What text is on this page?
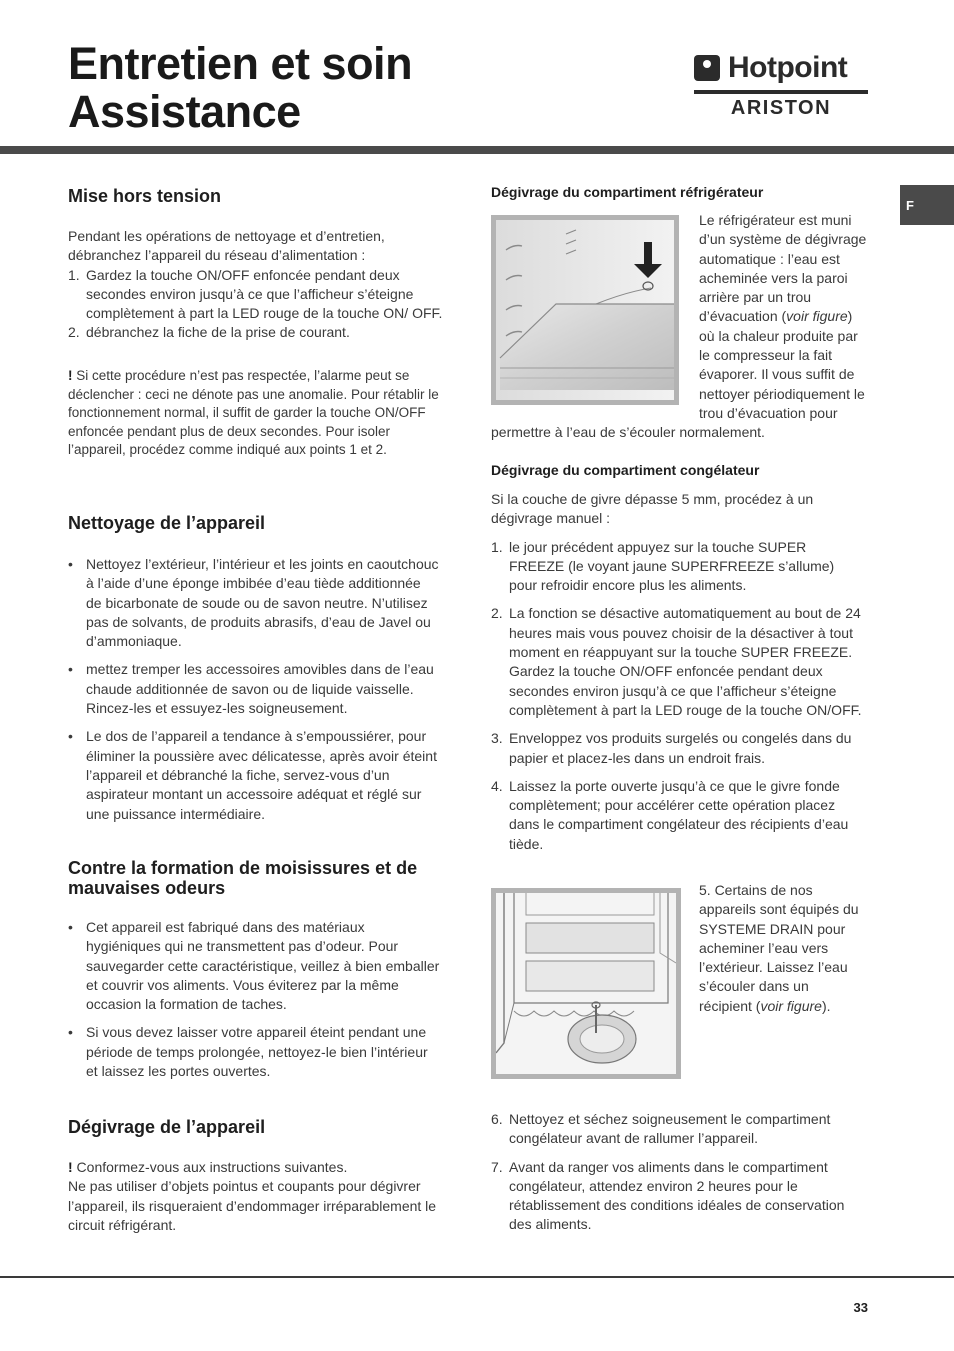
Entretien et soin
Assistance
Hotpoint
ARISTON
F
Mise hors tension
Pendant les opérations de nettoyage et d’entretien, débranchez l’appareil du réseau d’alimentation :
1. Gardez la touche ON/OFF enfoncée pendant deux secondes environ jusqu’à ce que l’afficheur s’éteigne complètement à part la LED rouge de la touche ON/ OFF.
2. débranchez la fiche de la prise de courant.
! Si cette procédure n’est pas respectée, l’alarme peut se déclencher : ceci ne dénote pas une anomalie. Pour rétablir le fonctionnement normal, il suffit de garder la touche ON/OFF enfoncée pendant plus de deux secondes. Pour isoler l’appareil, procédez comme indiqué aux points 1 et 2.
Nettoyage de l’appareil
• Nettoyez l’extérieur, l’intérieur et les joints en caoutchouc à l’aide d’une éponge imbibée d’eau tiède additionnée de bicarbonate de soude ou de savon neutre. N’utilisez pas de solvants, de produits abrasifs, d’eau de Javel ou d’ammoniaque.
• mettez tremper les accessoires amovibles dans de l’eau chaude additionnée de savon ou de liquide vaisselle. Rincez-les et essuyez-les soigneusement.
• Le dos de l’appareil a tendance à s’empoussiérer, pour éliminer la poussière avec délicatesse, après avoir éteint l’appareil et débranché la fiche, servez-vous d’un aspirateur montant un accessoire adéquat et réglé sur une puissance intermédiaire.
Contre la formation de moisissures et de mauvaises odeurs
• Cet appareil est fabriqué dans des matériaux hygiéniques qui ne transmettent pas d’odeur. Pour sauvegarder cette caractéristique, veillez à bien emballer et couvrir vos aliments. Vous éviterez par la même occasion la formation de taches.
• Si vous devez laisser votre appareil éteint pendant une période de temps prolongée, nettoyez-le bien l’intérieur et laissez les portes ouvertes.
Dégivrage de l’appareil
! Conformez-vous aux instructions suivantes.
Ne pas utiliser d’objets pointus et coupants pour dégivrer l’appareil, ils risqueraient d’endommager irréparablement le circuit réfrigérant.
Dégivrage du compartiment réfrigérateur
Le réfrigérateur est muni d’un système de dégivrage automatique : l’eau est acheminée vers la paroi arrière par un trou d’évacuation (voir figure) où la chaleur produite par le compresseur la fait évaporer. Il vous suffit de nettoyer périodiquement le trou d’évacuation pour
permettre à l’eau de s’écouler normalement.
Dégivrage du compartiment congélateur
Si la couche de givre dépasse 5 mm, procédez à un dégivrage manuel :
1. le jour précédent appuyez sur la touche SUPER FREEZE (le voyant jaune SUPERFREEZE s’allume) pour refroidir encore plus les aliments.
2. La fonction se désactive automatiquement au bout de 24 heures mais vous pouvez choisir de la désactiver à tout moment en réappuyant sur la touche SUPER FREEZE. Gardez la touche ON/OFF enfoncée pendant deux secondes environ jusqu’à ce que l’afficheur s’éteigne complètement à part la LED rouge de la touche ON/OFF.
3. Enveloppez vos produits surgelés ou congelés dans du papier et placez-les dans un endroit frais.
4. Laissez la porte ouverte jusqu’à ce que le givre fonde complètement; pour accélérer cette opération placez dans le compartiment congélateur des récipients d’eau tiède.
5. Certains de nos appareils sont équipés du SYSTEME DRAIN pour acheminer l’eau vers l’extérieur. Laissez l’eau s’écouler dans un récipient (voir figure).
6. Nettoyez et séchez soigneusement le compartiment congélateur avant de rallumer l’appareil.
7. Avant da ranger vos aliments dans le compartiment congélateur, attendez environ 2 heures pour le rétablissement des conditions idéales de conservation des aliments.
33
